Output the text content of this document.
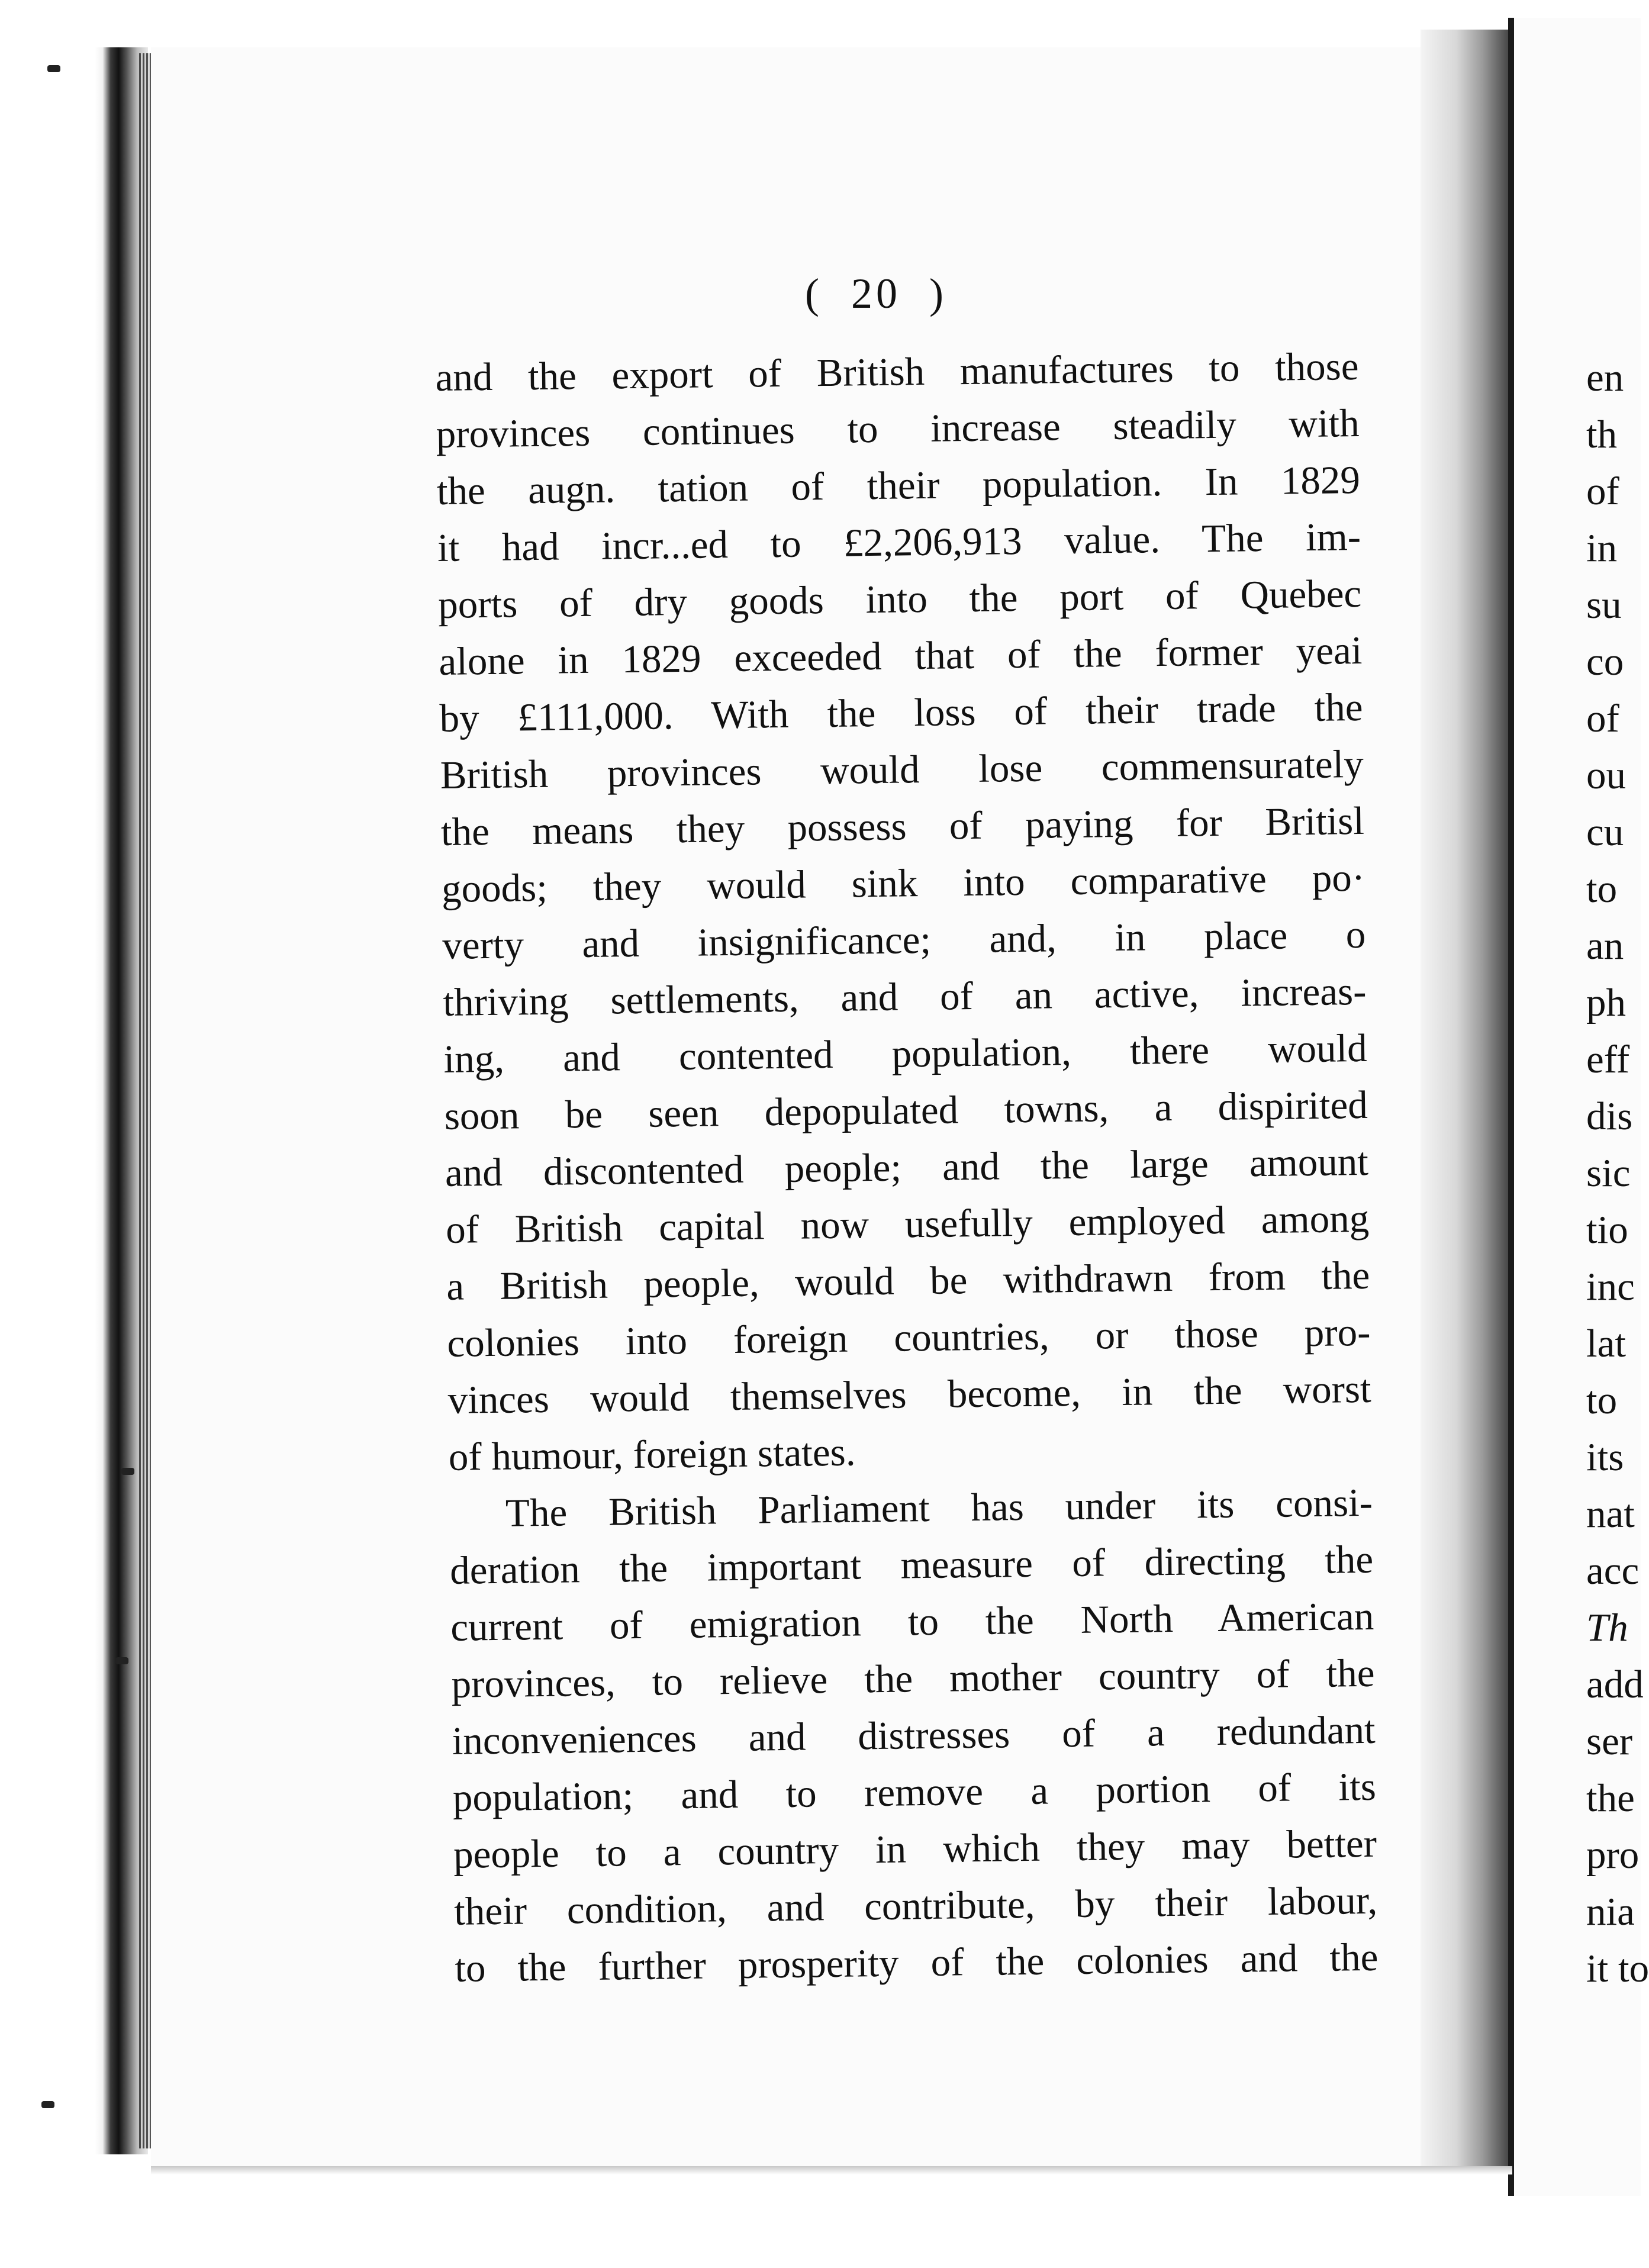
(  20  )
and the export of British manufactures to those
provinces continues to increase steadily with
the augn. tation of their population. In 1829
it had incr...ed to £2,206,913 value. The im-
ports of dry goods into the port of Quebec
alone in 1829 exceeded that of the former yeai
by £111,000. With the loss of their trade the
British provinces would lose commensurately
the means they possess of paying for Britisl
goods; they would sink into comparative po·
verty and insignificance; and, in place o
thriving settlements, and of an active, increas-
ing, and contented population, there would
soon be seen depopulated towns, a dispirited
and discontented people; and the large amount
of British capital now usefully employed among
a British people, would be withdrawn from the
colonies into foreign countries, or those pro-
vinces would themselves become, in the worst
of humour, foreign states.
The British Parliament has under its consi-
deration the important measure of directing the
current of emigration to the North American
provinces, to relieve the mother country of the
inconveniences and distresses of a redundant
population; and to remove a portion of its
people to a country in which they may better
their condition, and contribute, by their labour,
to the further prosperity of the colonies and the
en
th
of
in
su
co
of
ou
cu
to
an
ph
eff
dis
sic
tio
inc
lat
to
its
nat
acc
Th
add
ser
the
pro
nia
it to
